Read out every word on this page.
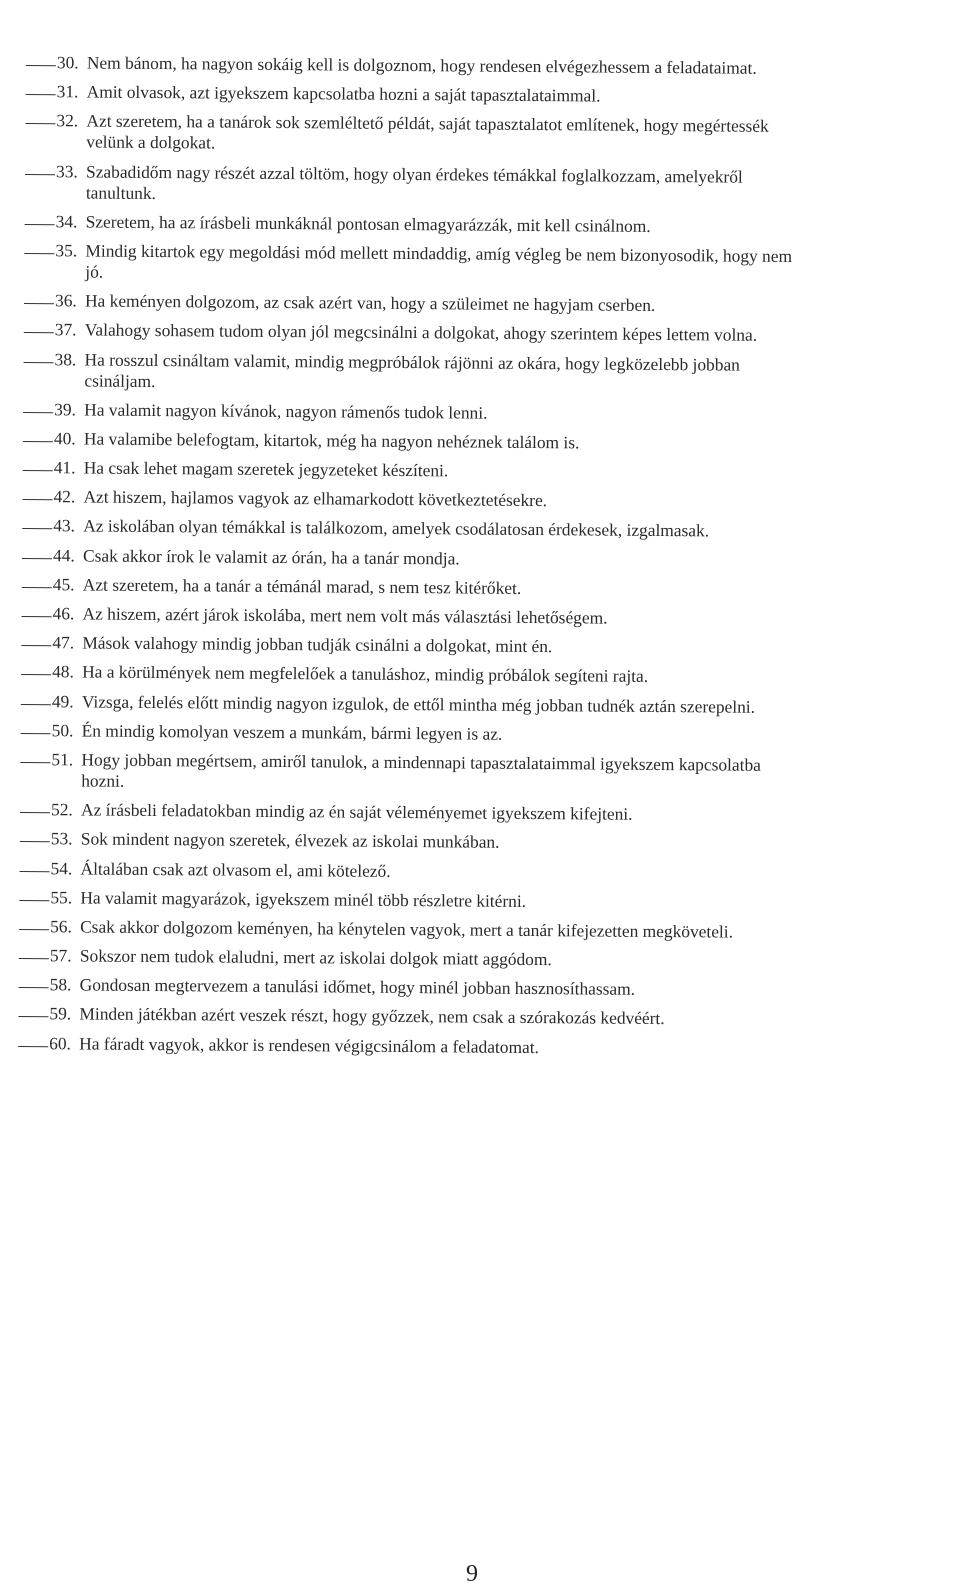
30. Nem bánom, ha nagyon sokáig kell is dolgoznom, hogy rendesen elvégezhessem a feladataimat.
31. Amit olvasok, azt igyekszem kapcsolatba hozni a saját tapasztalataimmal.
32. Azt szeretem, ha a tanárok sok szemléltető példát, saját tapasztalatot említenek, hogy megértessék velünk a dolgokat.
33. Szabadidőm nagy részét azzal töltöm, hogy olyan érdekes témákkal foglalkozzam, amelyekről tanultunk.
34. Szeretem, ha az írásbeli munkáknál pontosan elmagyarázzák, mit kell csinálnom.
35. Mindig kitartok egy megoldási mód mellett mindaddig, amíg végleg be nem bizonyosodik, hogy nem jó.
36. Ha keményen dolgozom, az csak azért van, hogy a szüleimet ne hagyjam cserben.
37. Valahogy sohasem tudom olyan jól megcsinálni a dolgokat, ahogy szerintem képes lettem volna.
38. Ha rosszul csináltam valamit, mindig megpróbálok rájönni az okára, hogy legközelebb jobban csináljam.
39. Ha valamit nagyon kívánok, nagyon rámenős tudok lenni.
40. Ha valamibe belefogtam, kitartok, még ha nagyon nehéznek találom is.
41. Ha csak lehet magam szeretek jegyzeteket készíteni.
42. Azt hiszem, hajlamos vagyok az elhamarkodott következtetésekre.
43. Az iskolában olyan témákkal is találkozom, amelyek csodálatosan érdekesek, izgalmasak.
44. Csak akkor írok le valamit az órán, ha a tanár mondja.
45. Azt szeretem, ha a tanár a témánál marad, s nem tesz kitérőket.
46. Az hiszem, azért járok iskolába, mert nem volt más választási lehetőségem.
47. Mások valahogy mindig jobban tudják csinálni a dolgokat, mint én.
48. Ha a körülmények nem megfelelőek a tanuláshoz, mindig próbálok segíteni rajta.
49. Vizsga, felelés előtt mindig nagyon izgulok, de ettől mintha még jobban tudnék aztán szerepelni.
50. Én mindig komolyan veszem a munkám, bármi legyen is az.
51. Hogy jobban megértsem, amiről tanulok, a mindennapi tapasztalataimmal igyekszem kapcsolatba hozni.
52. Az írásbeli feladatokban mindig az én saját véleményemet igyekszem kifejteni.
53. Sok mindent nagyon szeretek, élvezek az iskolai munkában.
54. Általában csak azt olvasom el, ami kötelező.
55. Ha valamit magyarázok, igyekszem minél több részletre kitérni.
56. Csak akkor dolgozom keményen, ha kénytelen vagyok, mert a tanár kifejezetten megköveteli.
57. Sokszor nem tudok elaludni, mert az iskolai dolgok miatt aggódom.
58. Gondosan megtervezem a tanulási időmet, hogy minél jobban hasznosíthassam.
59. Minden játékban azért veszek részt, hogy győzzek, nem csak a szórakozás kedvéért.
60. Ha fáradt vagyok, akkor is rendesen végigcsinálom a feladatomat.
9
